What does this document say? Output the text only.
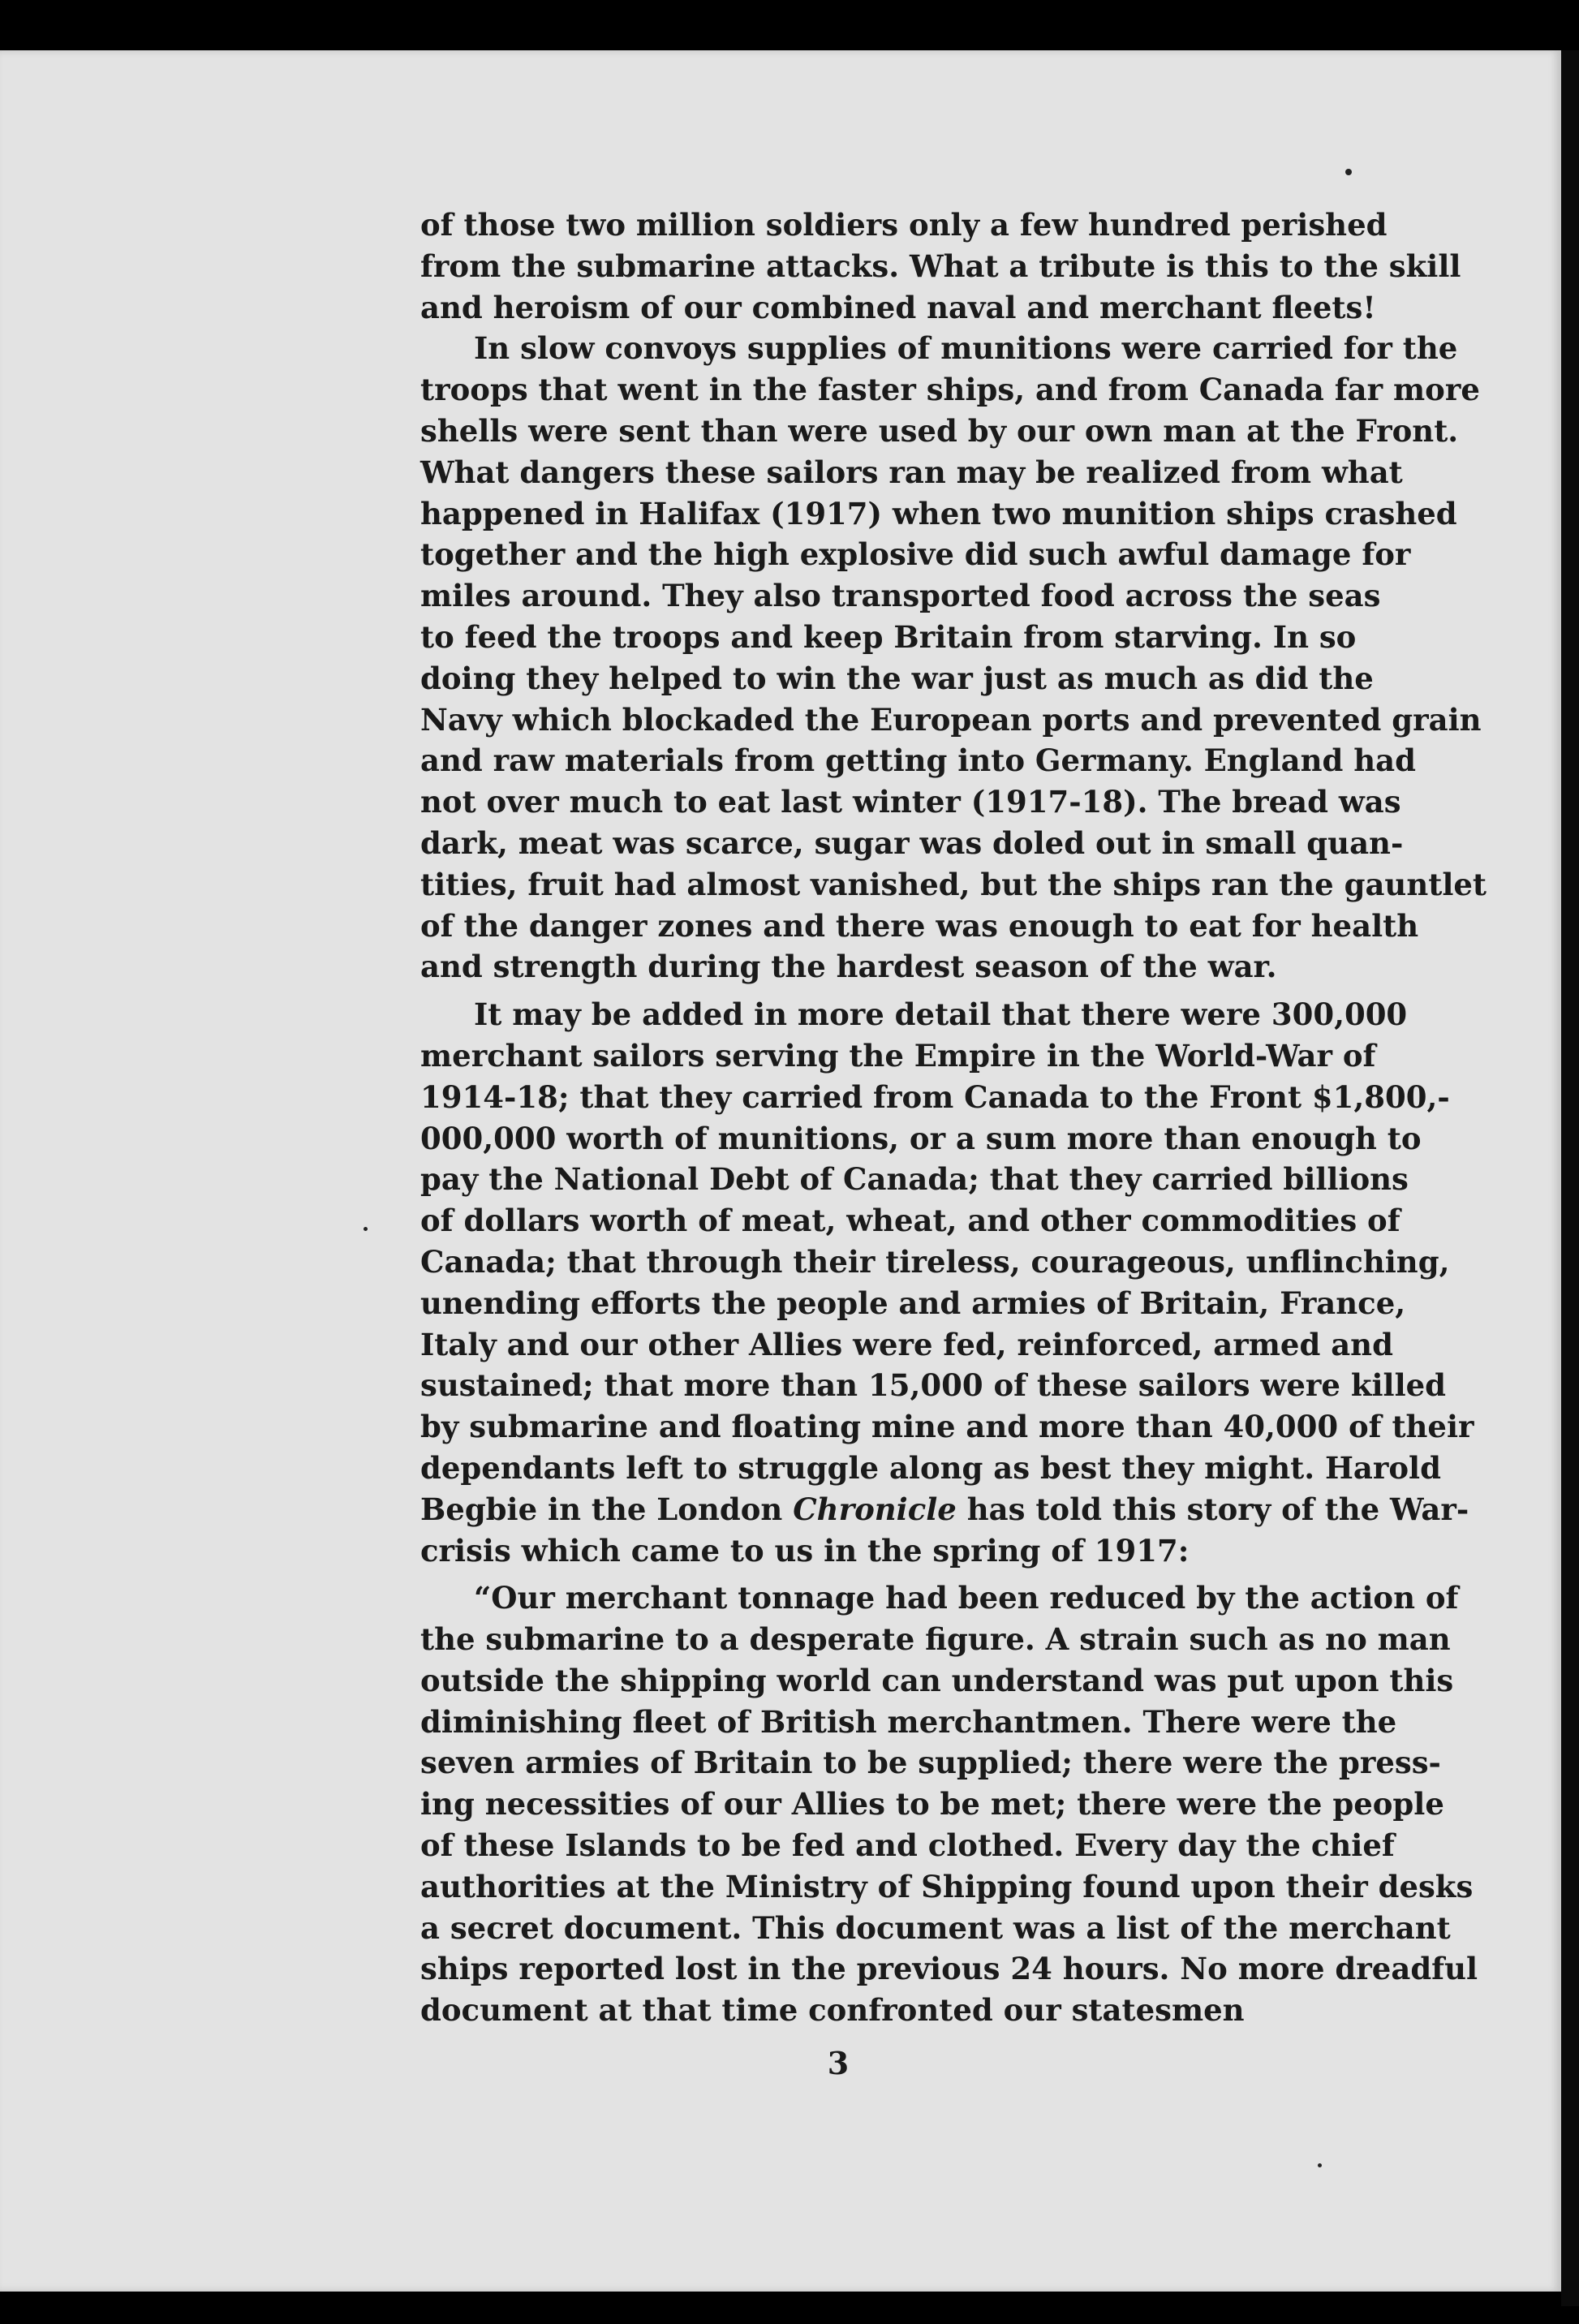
of those two million soldiers only a few hundred perished
from the submarine attacks. What a tribute is this to the skill
and heroism of our combined naval and merchant fleets!
In slow convoys supplies of munitions were carried for the
troops that went in the faster ships, and from Canada far more
shells were sent than were used by our own man at the Front.
What dangers these sailors ran may be realized from what
happened in Halifax (1917) when two munition ships crashed
together and the high explosive did such awful damage for
miles around. They also transported food across the seas
to feed the troops and keep Britain from starving. In so
doing they helped to win the war just as much as did the
Navy which blockaded the European ports and prevented grain
and raw materials from getting into Germany. England had
not over much to eat last winter (1917-18). The bread was
dark, meat was scarce, sugar was doled out in small quan-
tities, fruit had almost vanished, but the ships ran the gauntlet
of the danger zones and there was enough to eat for health
and strength during the hardest season of the war.
It may be added in more detail that there were 300,000
merchant sailors serving the Empire in the World-War of
1914-18; that they carried from Canada to the Front $1,800,-
000,000 worth of munitions, or a sum more than enough to
pay the National Debt of Canada; that they carried billions
of dollars worth of meat, wheat, and other commodities of
Canada; that through their tireless, courageous, unflinching,
unending efforts the people and armies of Britain, France,
Italy and our other Allies were fed, reinforced, armed and
sustained; that more than 15,000 of these sailors were killed
by submarine and floating mine and more than 40,000 of their
dependants left to struggle along as best they might. Harold
Begbie in the London Chronicle has told this story of the War-
crisis which came to us in the spring of 1917:
“Our merchant tonnage had been reduced by the action of
the submarine to a desperate figure. A strain such as no man
outside the shipping world can understand was put upon this
diminishing fleet of British merchantmen. There were the
seven armies of Britain to be supplied; there were the press-
ing necessities of our Allies to be met; there were the people
of these Islands to be fed and clothed. Every day the chief
authorities at the Ministry of Shipping found upon their desks
a secret document. This document was a list of the merchant
ships reported lost in the previous 24 hours. No more dreadful
document at that time confronted our statesmen
3
